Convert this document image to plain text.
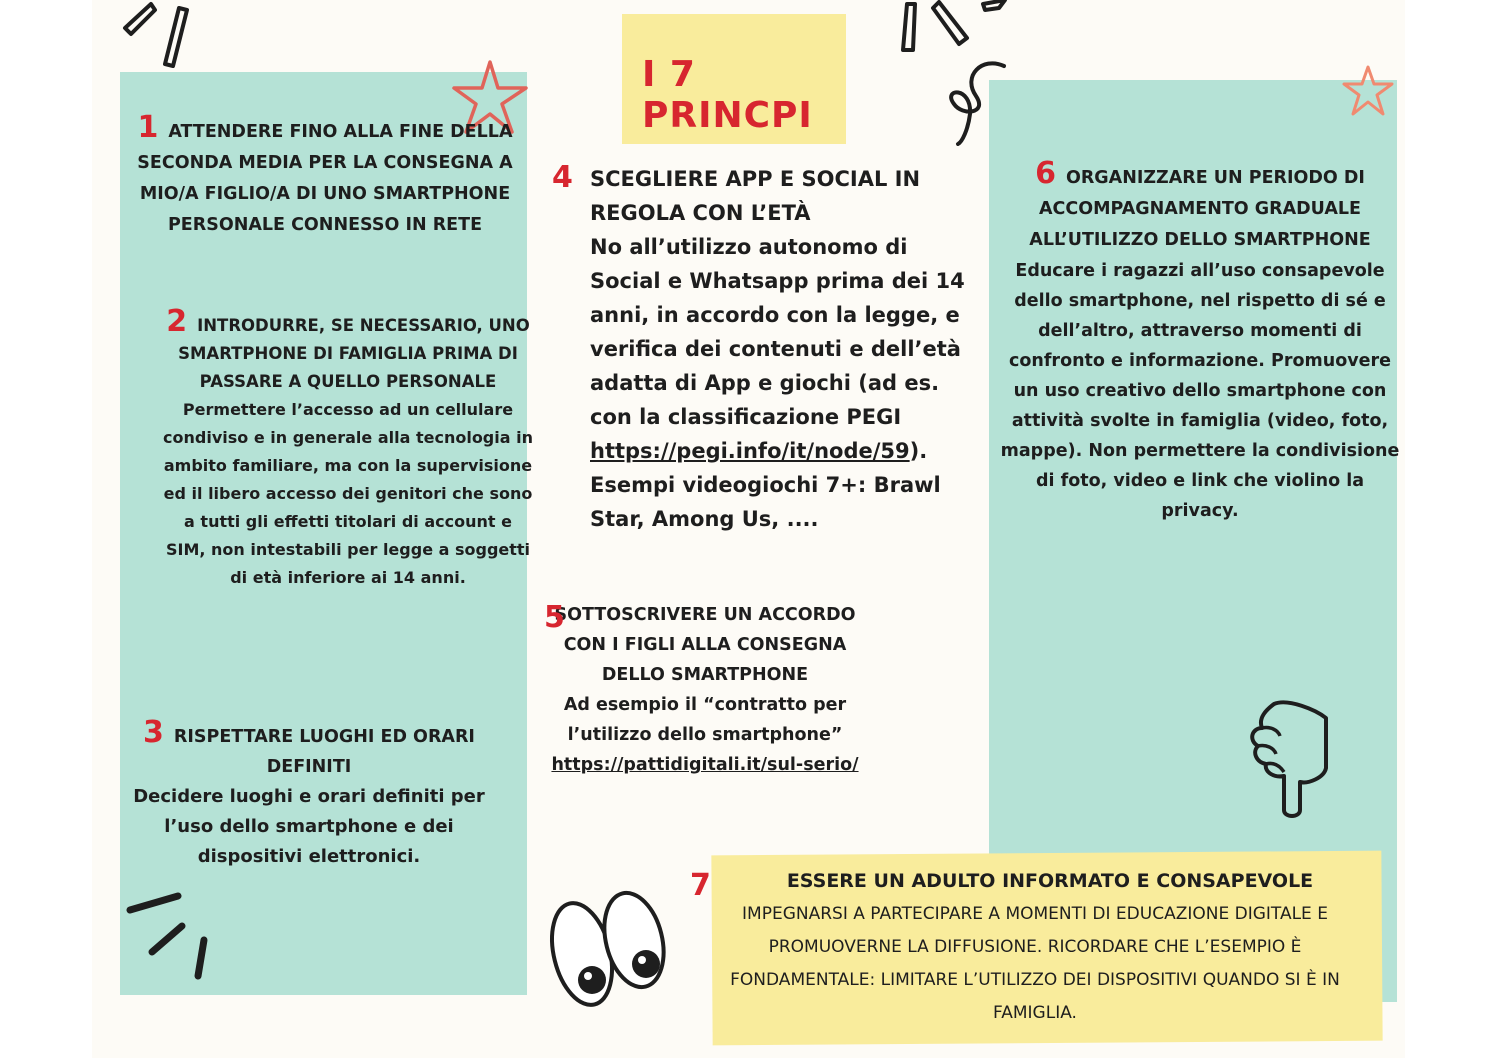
I 7 PRINCPI
1 ATTENDERE FINO ALLA FINE DELLA SECONDA MEDIA PER LA CONSEGNA A MIO/A FIGLIO/A DI UNO SMARTPHONE PERSONALE CONNESSO IN RETE
2 INTRODURRE, SE NECESSARIO, UNO SMARTPHONE DI FAMIGLIA PRIMA DI PASSARE A QUELLO PERSONALE
Permettere l’accesso ad un cellulare condiviso e in generale alla tecnologia in ambito familiare, ma con la supervisione ed il libero accesso dei genitori che sono a tutti gli effetti titolari di account e SIM, non intestabili per legge a soggetti di età inferiore ai 14 anni.
3 RISPETTARE LUOGHI ED ORARI DEFINITI
Decidere luoghi e orari definiti per l’uso dello smartphone e dei dispositivi elettronici.
4 SCEGLIERE APP E SOCIAL IN REGOLA CON L’ETÀ
No all’utilizzo autonomo di Social e Whatsapp prima dei 14 anni, in accordo con la legge, e verifica dei contenuti e dell’età adatta di App e giochi (ad es. con la classificazione PEGI https://pegi.info/it/node/59). Esempi videogiochi 7+: Brawl Star, Among Us, ....
5
SOTTOSCRIVERE UN ACCORDO CON I FIGLI ALLA CONSEGNA DELLO SMARTPHONE
Ad esempio il “contratto per l’utilizzo dello smartphone”
https://pattidigitali.it/sul-serio/
6 ORGANIZZARE UN PERIODO DI ACCOMPAGNAMENTO GRADUALE ALL’UTILIZZO DELLO SMARTPHONE
Educare i ragazzi all’uso consapevole dello smartphone, nel rispetto di sé e dell’altro, attraverso momenti di confronto e informazione. Promuovere un uso creativo dello smartphone con attività svolte in famiglia (video, foto, mappe). Non permettere la condivisione di foto, video e link che violino la privacy.
7	ESSERE UN ADULTO INFORMATO E CONSAPEVOLE
IMPEGNARSI A PARTECIPARE A MOMENTI DI EDUCAZIONE DIGITALE E PROMUOVERNE LA DIFFUSIONE. RICORDARE CHE L’ESEMPIO È FONDAMENTALE: LIMITARE L’UTILIZZO DEI DISPOSITIVI QUANDO SI È IN FAMIGLIA.
